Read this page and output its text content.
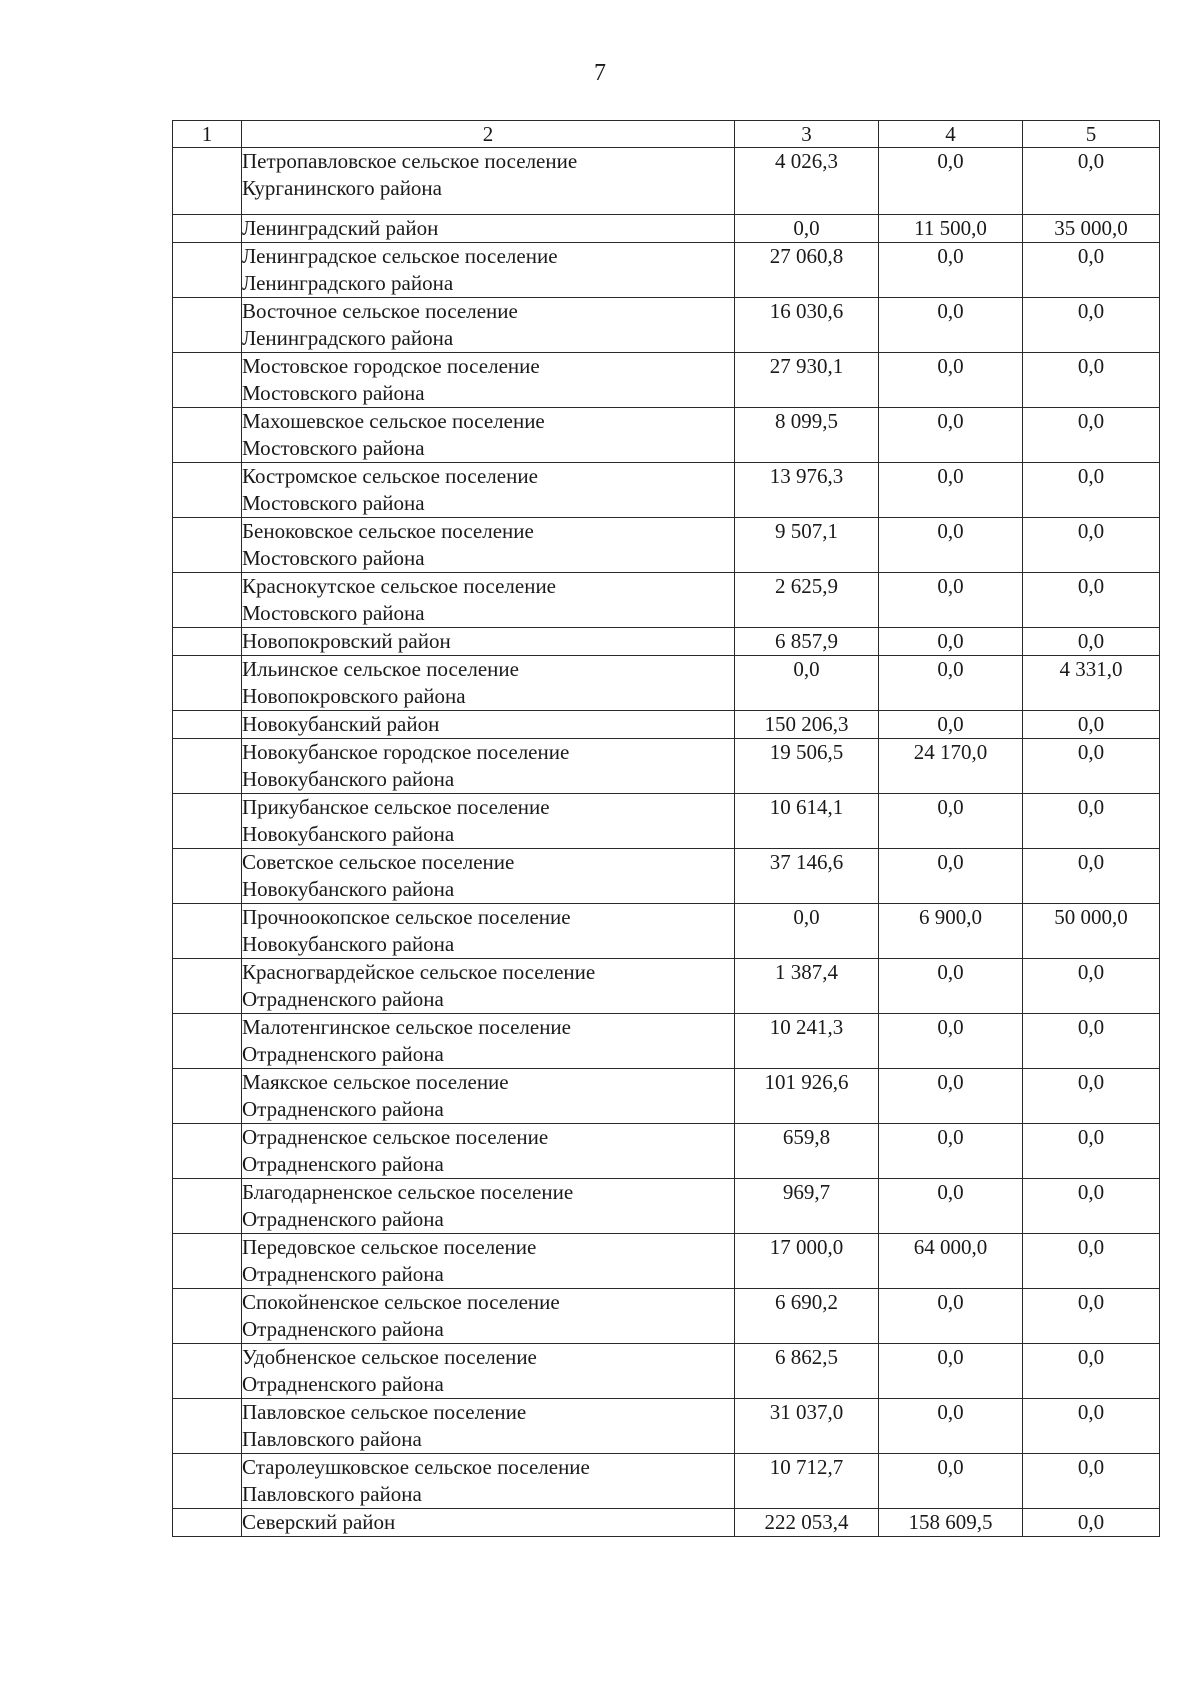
7
1	2	3	4	5

	Петропавловское сельское поселение
Курганинского района	4 026,3	0,0	0,0

	Ленинградский район	0,0	11 500,0	35 000,0

	Ленинградское сельское поселение
Ленинградского района	27 060,8	0,0	0,0

	Восточное сельское поселение
Ленинградского района	16 030,6	0,0	0,0

	Мостовское городское поселение
Мостовского района	27 930,1	0,0	0,0

	Махошевское сельское поселение
Мостовского района	8 099,5	0,0	0,0

	Костромское сельское поселение
Мостовского района	13 976,3	0,0	0,0

	Беноковское сельское поселение
Мостовского района	9 507,1	0,0	0,0

	Краснокутское сельское поселение
Мостовского района	2 625,9	0,0	0,0

	Новопокровский район	6 857,9	0,0	0,0

	Ильинское сельское поселение
Новопокровского района	0,0	0,0	4 331,0

	Новокубанский район	150 206,3	0,0	0,0

	Новокубанское городское поселение
Новокубанского района	19 506,5	24 170,0	0,0

	Прикубанское сельское поселение
Новокубанского района	10 614,1	0,0	0,0

	Советское сельское поселение
Новокубанского района	37 146,6	0,0	0,0

	Прочноокопское сельское поселение
Новокубанского района	0,0	6 900,0	50 000,0

	Красногвардейское сельское поселение
Отрадненского района	1 387,4	0,0	0,0

	Малотенгинское сельское поселение
Отрадненского района	10 241,3	0,0	0,0

	Маякское сельское поселение
Отрадненского района	101 926,6	0,0	0,0

	Отрадненское сельское поселение
Отрадненского района	659,8	0,0	0,0

	Благодарненское сельское поселение
Отрадненского района	969,7	0,0	0,0

	Передовское сельское поселение
Отрадненского района	17 000,0	64 000,0	0,0

	Спокойненское сельское поселение
Отрадненского района	6 690,2	0,0	0,0

	Удобненское сельское поселение
Отрадненского района	6 862,5	0,0	0,0

	Павловское сельское поселение
Павловского района	31 037,0	0,0	0,0

	Старолеушковское сельское поселение
Павловского района	10 712,7	0,0	0,0

	Северский район	222 053,4	158 609,5	0,0
